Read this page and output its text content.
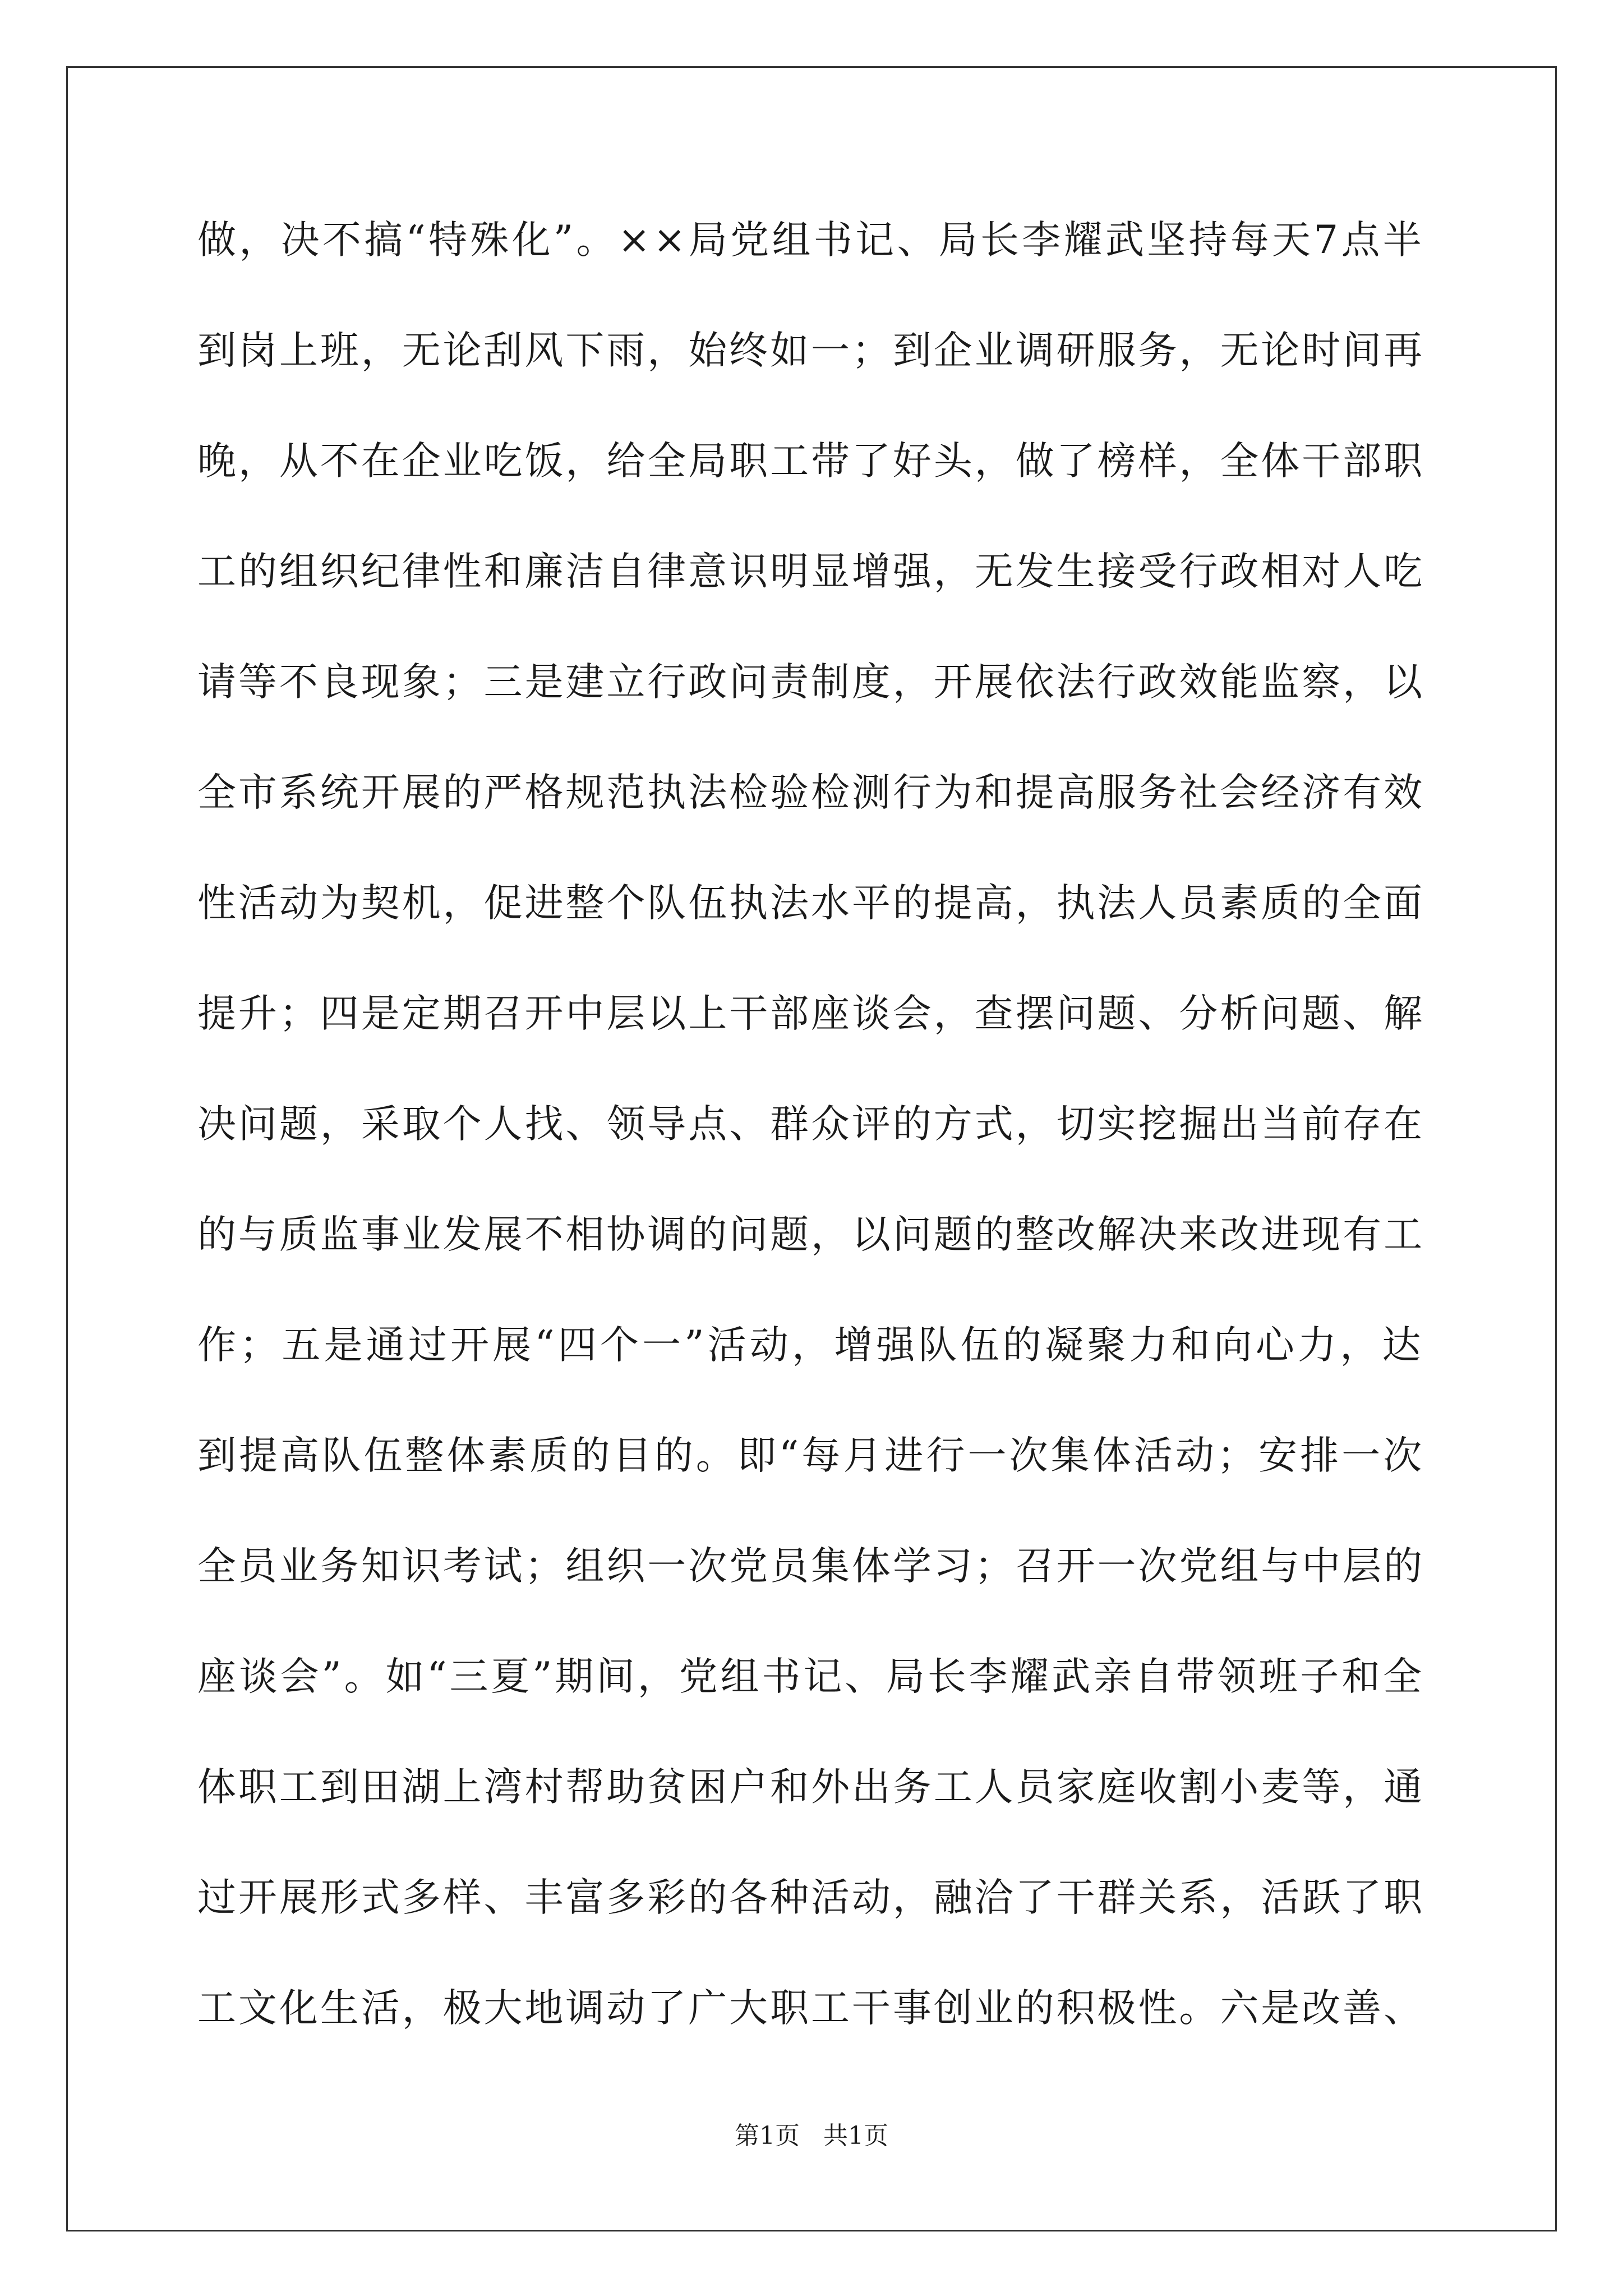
做，决不搞“特殊化”。××局党组书记、局长李耀武坚持每天7点半
到岗上班，无论刮风下雨，始终如一；到企业调研服务，无论时间再
晚，从不在企业吃饭，给全局职工带了好头，做了榜样，全体干部职
工的组织纪律性和廉洁自律意识明显增强，无发生接受行政相对人吃
请等不良现象；三是建立行政问责制度，开展依法行政效能监察，以
全市系统开展的严格规范执法检验检测行为和提高服务社会经济有效
性活动为契机，促进整个队伍执法水平的提高，执法人员素质的全面
提升；四是定期召开中层以上干部座谈会，查摆问题、分析问题、解
决问题，采取个人找、领导点、群众评的方式，切实挖掘出当前存在
的与质监事业发展不相协调的问题，以问题的整改解决来改进现有工
作；五是通过开展“四个一”活动，增强队伍的凝聚力和向心力，达
到提高队伍整体素质的目的。即“每月进行一次集体活动；安排一次
全员业务知识考试；组织一次党员集体学习；召开一次党组与中层的
座谈会”。如“三夏”期间，党组书记、局长李耀武亲自带领班子和全
体职工到田湖上湾村帮助贫困户和外出务工人员家庭收割小麦等，通
过开展形式多样、丰富多彩的各种活动，融洽了干群关系，活跃了职
工文化生活，极大地调动了广大职工干事创业的积极性。六是改善、
第1页 共1页
